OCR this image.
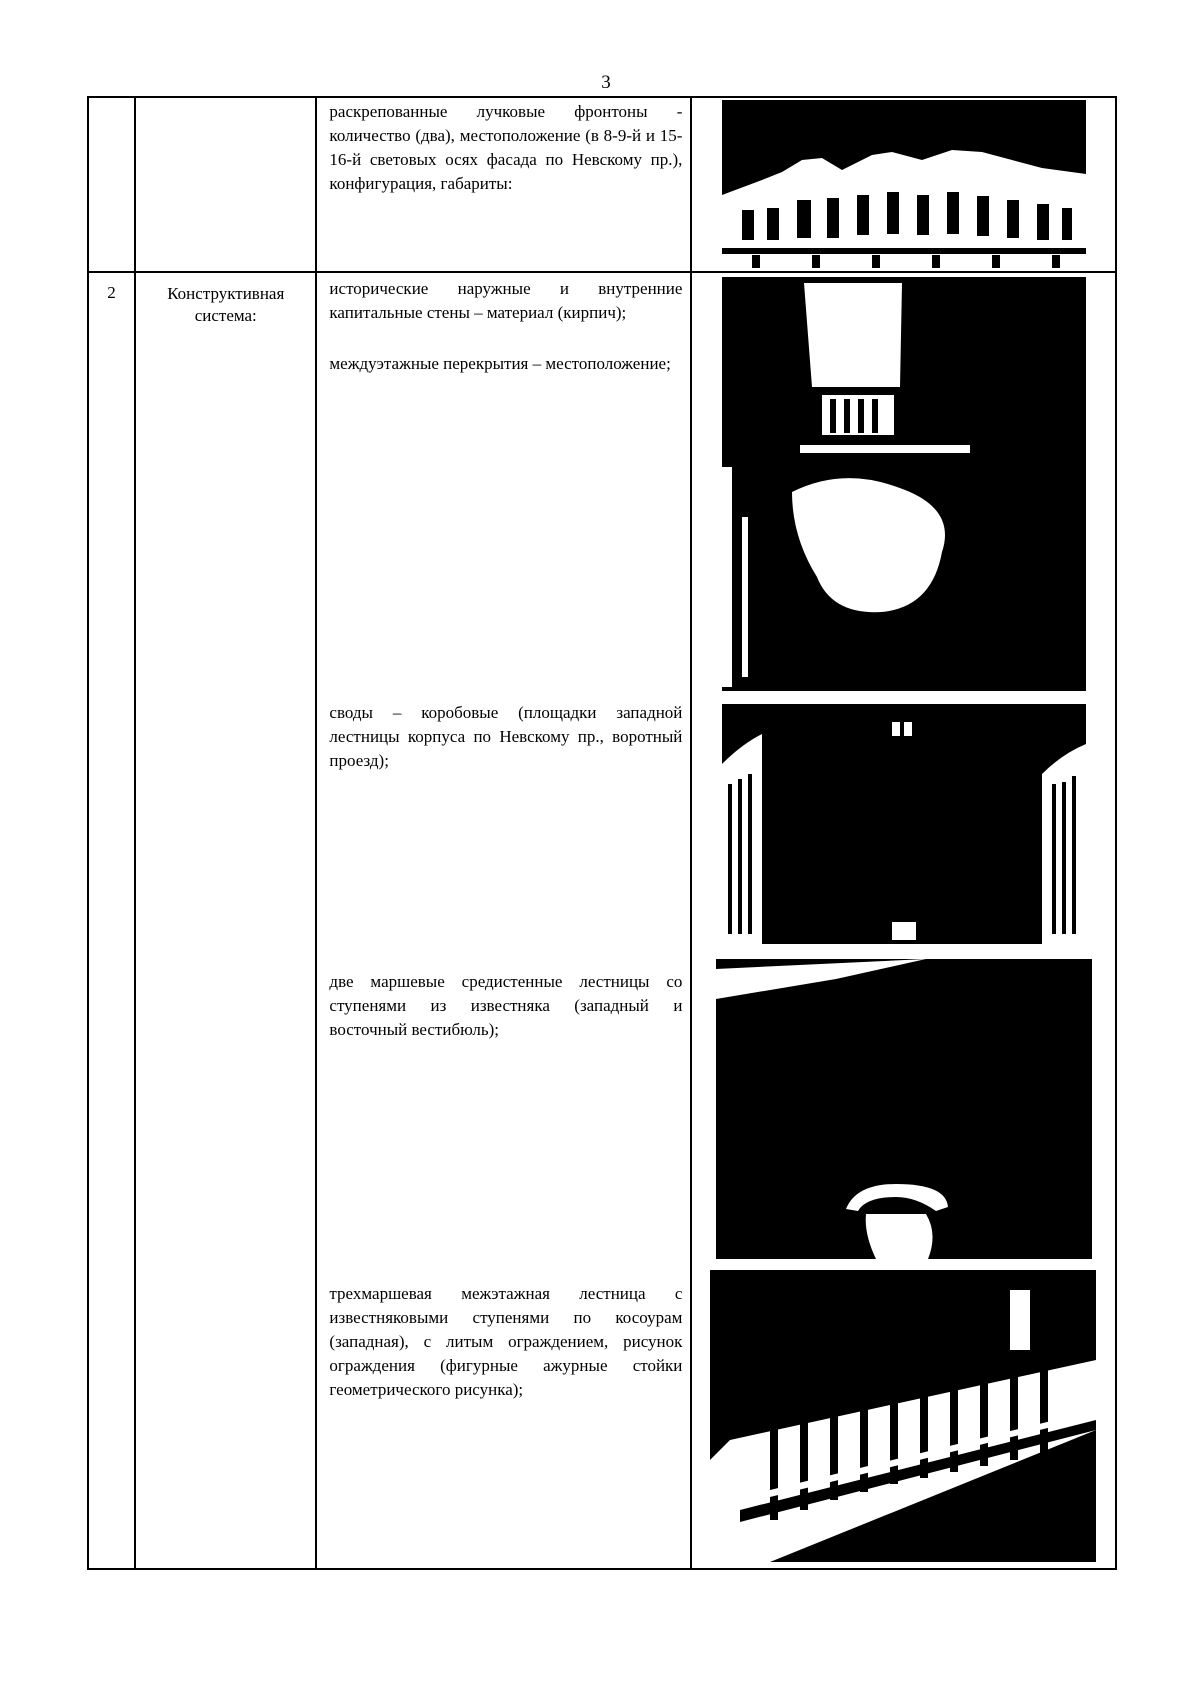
3

		раскрепованные лучковые фронтоны - количество (два), местоположение (в 8-9-й и 15-16-й световых осях фасада по Невскому пр.), конфигурация, габариты:

2	Конструктивная система:	исторические наружные и внутренние капитальные стены – материал (кирпич);
междуэтажные перекрытия – местоположение;
своды – коробовые (площадки западной лестницы корпуса по Невскому пр., воротный проезд);
две маршевые средистенные лестницы со ступенями из известняка (западный и восточный вестибюль);
трехмаршевая межэтажная лестница с известняковыми ступенями по косоурам (западная), с литым ограждением, рисунок ограждения (фигурные ажурные стойки геометрического рисунка);
